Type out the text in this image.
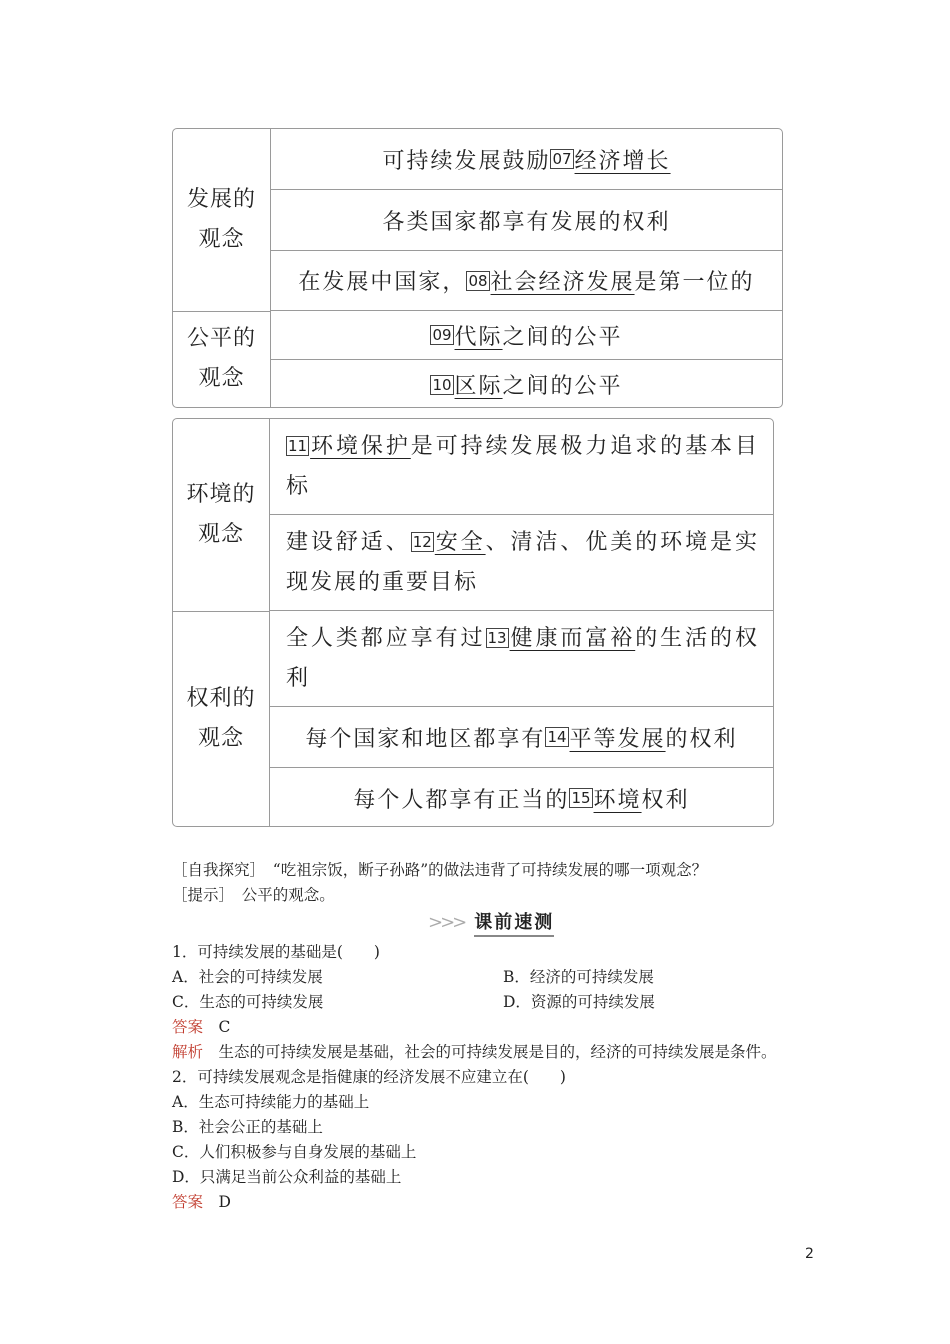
发展的
观念
公平的
观念
可持续发展鼓励 07 经济增长
各类国家都享有发展的权利
在发展中国家， 08 社会经济发展 是第一位的
09 代际 之间的公平
10 区际 之间的公平
环境的
观念
权利的
观念
11 环境保护是可持续发展极力追求的基本目标
建设舒适、 12 安全、清洁、优美的环境是实现发展的重要目标
全人类都应享有过 13 健康而富裕的生活的权利
每个国家和地区都享有 14 平等发展 的权利
每个人都享有正当的 15 环境 权利
［自我探究］　 “吃祖宗饭，断子孙路”的做法违背了可持续发展的哪一项观念？
［提示］　 公平的观念。
>>> 课前速测
1．可持续发展的基础是(　　)
A．社会的可持续发展	B．经济的可持续发展
C．生态的可持续发展	D．资源的可持续发展
答案　 C
解析　 生态的可持续发展是基础，社会的可持续发展是目的，经济的可持续发展是条件。
2．可持续发展观念是指健康的经济发展不应建立在(　　)
A．生态可持续能力的基础上
B．社会公正的基础上
C．人们积极参与自身发展的基础上
D．只满足当前公众利益的基础上
答案　 D
2
